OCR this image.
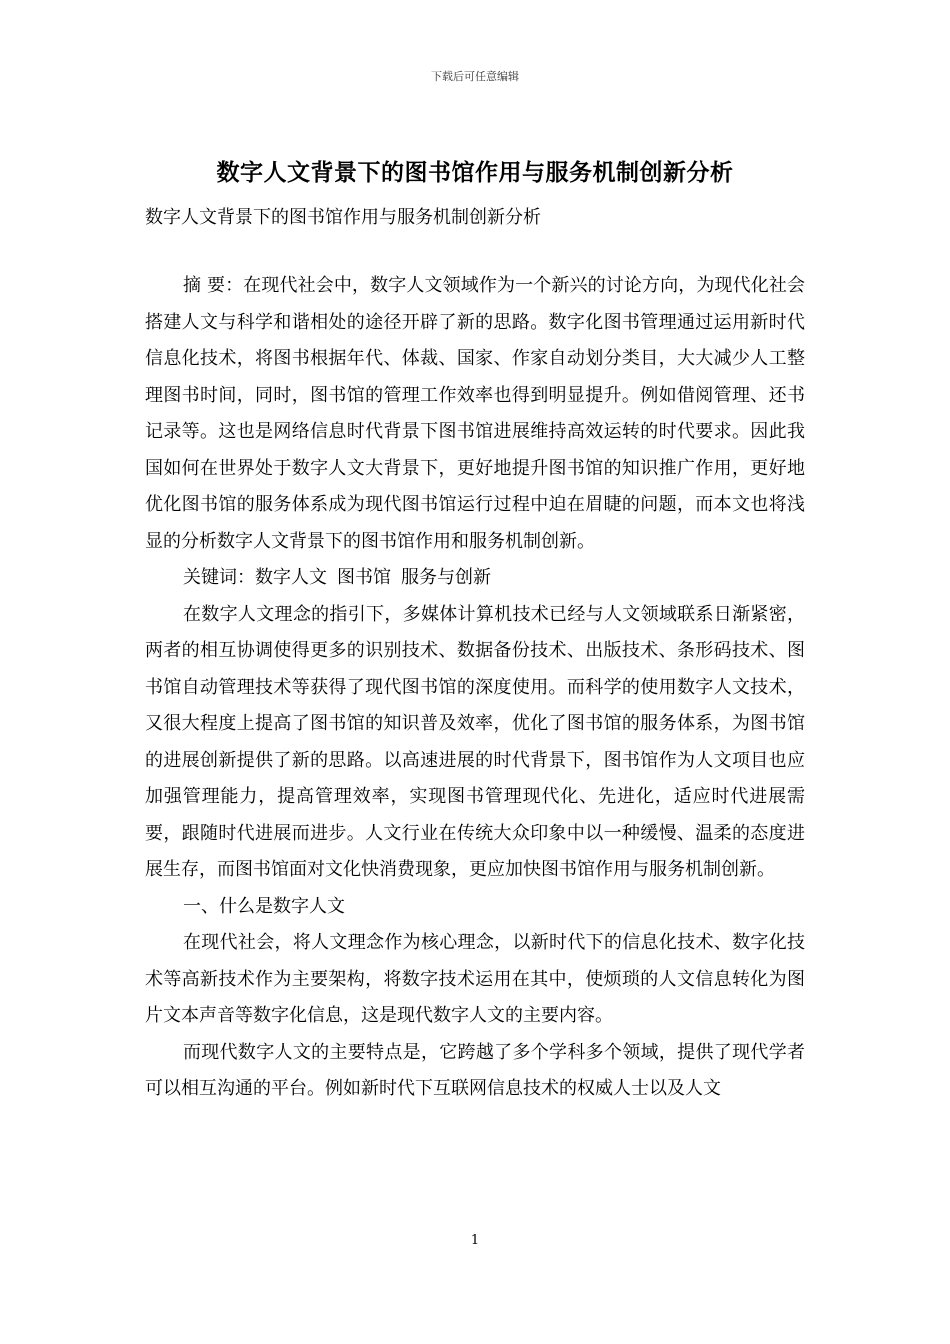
下载后可任意编辑
数字人文背景下的图书馆作用与服务机制创新分析
数字人文背景下的图书馆作用与服务机制创新分析

摘 要：在现代社会中，数字人文领域作为一个新兴的讨论方向，为现代化社会搭建人文与科学和谐相处的途径开辟了新的思路。数字化图书管理通过运用新时代信息化技术，将图书根据年代、体裁、国家、作家自动划分类目，大大减少人工整理图书时间，同时，图书馆的管理工作效率也得到明显提升。例如借阅管理、还书记录等。这也是网络信息时代背景下图书馆进展维持高效运转的时代要求。因此我国如何在世界处于数字人文大背景下，更好地提升图书馆的知识推广作用，更好地优化图书馆的服务体系成为现代图书馆运行过程中迫在眉睫的问题，而本文也将浅显的分析数字人文背景下的图书馆作用和服务机制创新。

关键词：数字人文 图书馆 服务与创新

在数字人文理念的指引下，多媒体计算机技术已经与人文领域联系日渐紧密，两者的相互协调使得更多的识别技术、数据备份技术、出版技术、条形码技术、图书馆自动管理技术等获得了现代图书馆的深度使用。而科学的使用数字人文技术，又很大程度上提高了图书馆的知识普及效率，优化了图书馆的服务体系，为图书馆的进展创新提供了新的思路。以高速进展的时代背景下，图书馆作为人文项目也应加强管理能力，提高管理效率，实现图书管理现代化、先进化，适应时代进展需要，跟随时代进展而进步。人文行业在传统大众印象中以一种缓慢、温柔的态度进展生存，而图书馆面对文化快消费现象，更应加快图书馆作用与服务机制创新。

一、什么是数字人文

在现代社会，将人文理念作为核心理念，以新时代下的信息化技术、数字化技术等高新技术作为主要架构，将数字技术运用在其中，使烦琐的人文信息转化为图片文本声音等数字化信息，这是现代数字人文的主要内容。

而现代数字人文的主要特点是，它跨越了多个学科多个领域，提供了现代学者可以相互沟通的平台。例如新时代下互联网信息技术的权威人士以及人文

1
